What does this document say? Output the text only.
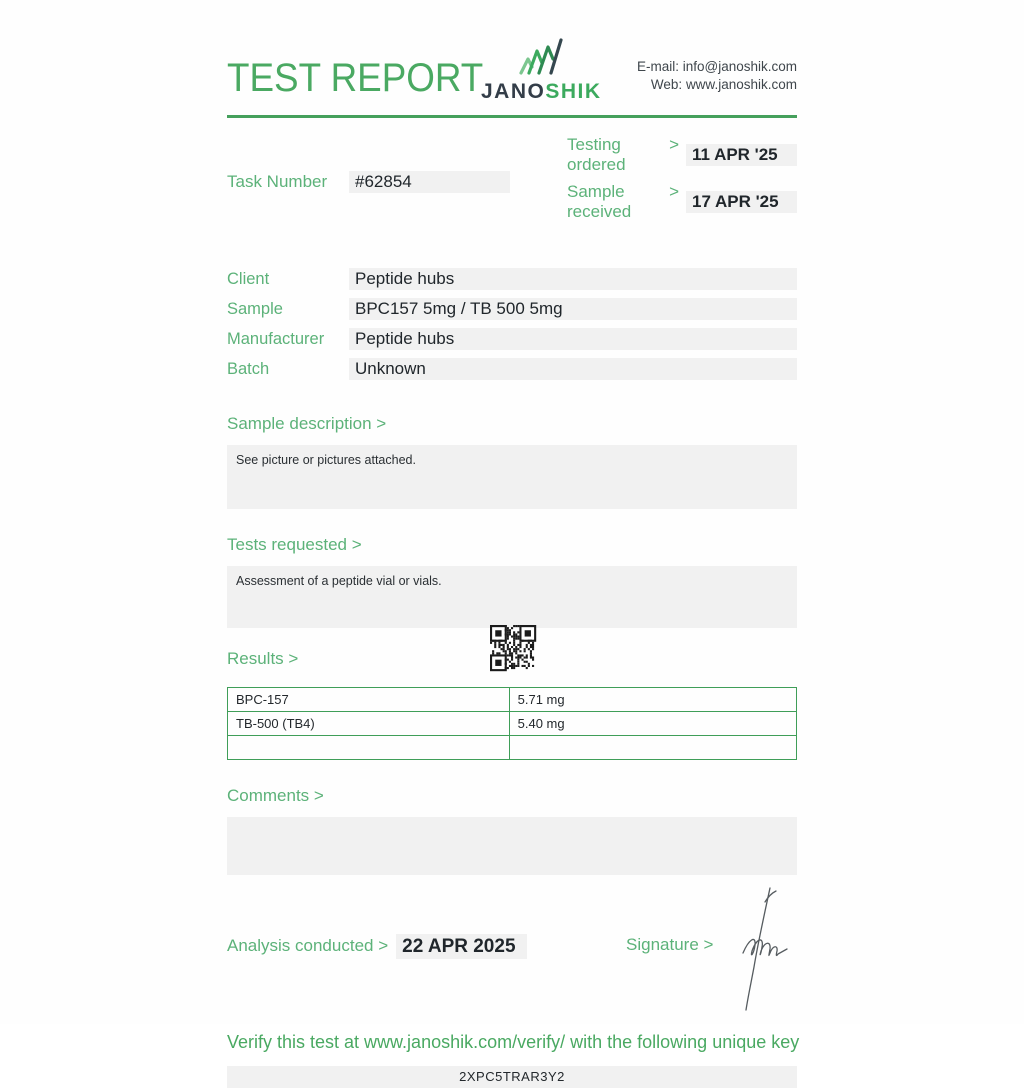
TEST REPORT
JANOSHIK
E-mail: info@janoshik.com
Web: www.janoshik.com
Task Number	#62854
Testing ordered
>
11 APR '25
Sample received
>
17 APR '25
Client	Peptide hubs
Sample	BPC157 5mg / TB 500 5mg
Manufacturer	Peptide hubs
Batch	Unknown
Sample description >
See picture or pictures attached.
Tests requested >
Assessment of a peptide vial or vials.
Results >
BPC-157	5.71 mg
TB-500 (TB4)	5.40 mg

Comments >
Analysis conducted > 22 APR 2025	Signature >
Verify this test at www.janoshik.com/verify/ with the following unique key
2XPC5TRAR3Y2
